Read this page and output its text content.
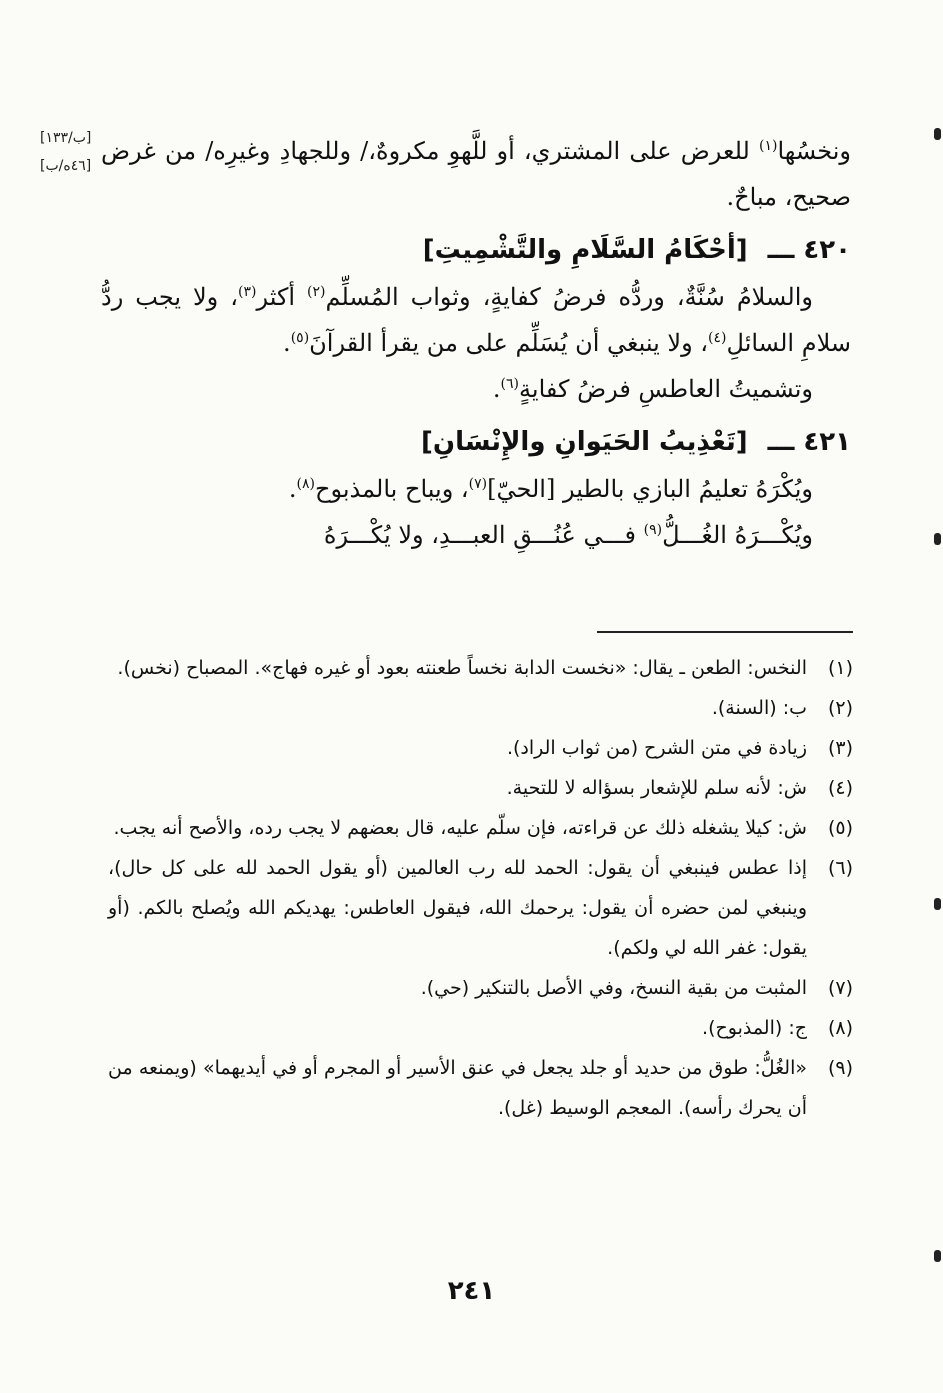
[ب/١٣٣]
[٤٦ه/ب]

ونخسُها$^{(١)}$ للعرض على المشتري، أو للَّهوِ مكروهٌ،/ وللجهادِ وغيرِه/ من غرض صحيح، مباحٌ.

٤٢٠ ـــ[أحْكَامُ السَّلَامِ والتَّشْمِيتِ]

والسلامُ سُنَّةٌ، وردُّه فرضُ كفايةٍ، وثواب المُسلِّم$^{(٢)}$ أكثر$^{(٣)}$، ولا يجب ردُّ سلامِ السائلِ$^{(٤)}$، ولا ينبغي أن يُسَلِّم على من يقرأ القرآنَ$^{(٥)}$.

وتشميتُ العاطسِ فرضُ كفايةٍ$^{(٦)}$.

٤٢١ ـــ[تَعْذِيبُ الحَيَوانِ والإِنْسَانِ]

ويُكْرَهُ تعليمُ البازي بالطير [الحيّ]$^{(٧)}$، ويباح بالمذبوح$^{(٨)}$.

ويُكْـــرَهُ الغُـــلُّ$^{(٩)}$ فـــي عُنُـــقِ العبـــدِ، ولا يُكْـــرَهُ

(١)
النخس: الطعن ـ يقال: «نخست الدابة نخساً طعنته بعود أو غيره فهاج». المصباح (نخس).
(٢)
ب: (السنة).
(٣)
زيادة في متن الشرح (من ثواب الراد).
(٤)
ش: لأنه سلم للإشعار بسؤاله لا للتحية.
(٥)
ش: كيلا يشغله ذلك عن قراءته، فإن سلّم عليه، قال بعضهم لا يجب رده، والأصح أنه يجب.
(٦)
إذا عطس فينبغي أن يقول: الحمد لله رب العالمين (أو يقول الحمد لله على كل حال)، وينبغي لمن حضره أن يقول: يرحمك الله، فيقول العاطس: يهديكم الله ويُصلح بالكم. (أو يقول: غفر الله لي ولكم).
(٧)
المثبت من بقية النسخ، وفي الأصل بالتنكير (حي).
(٨)
ج: (المذبوح).
(٩)
«الغُلُّ: طوق من حديد أو جلد يجعل في عنق الأسير أو المجرم أو في أيديهما» (ويمنعه من أن يحرك رأسه). المعجم الوسيط (غل).
٢٤١
